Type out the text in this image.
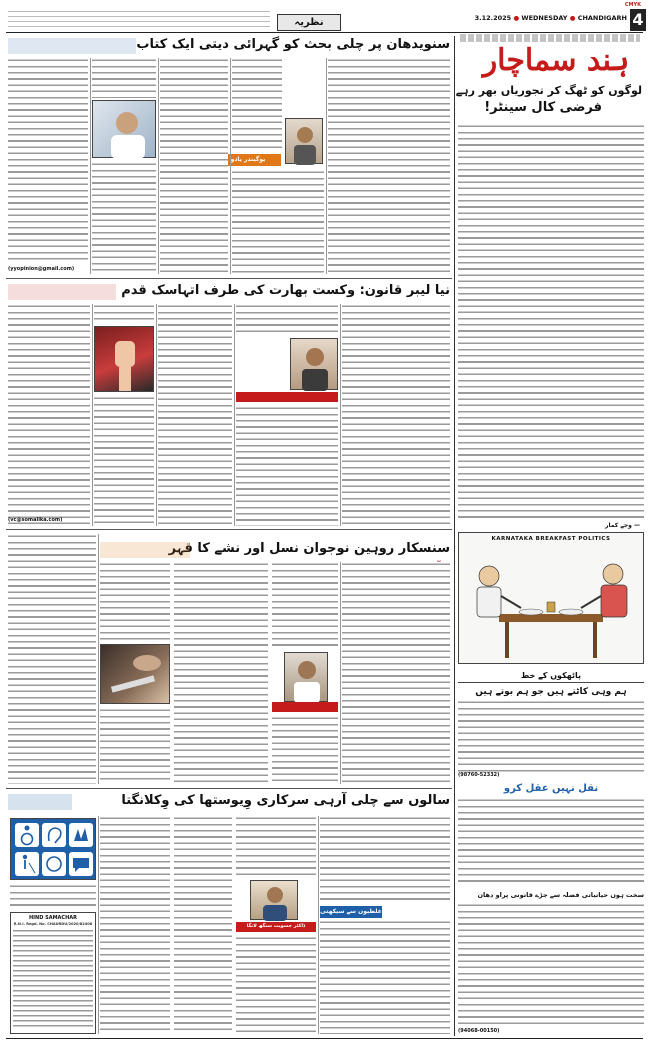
CMYK
4
3.12.2025 ● WEDNESDAY ● CHANDIGARH
نظریہ
ہند سماچار
لوگوں کو ٹھگ کر تجوریاں بھر رہے
فرضی کال سینٹر!
— وجے کمار
KARNATAKA BREAKFAST POLITICS
پاٹھکوں کے خط
ہم وہی کاٹتے ہیں جو ہم بوتے ہیں
(98760-52332)
نقل نہیں عقل کرو
سخت ہوں حیاتیاتی فضلہ سے جڑے قانونی پراو دھان
(94068-00150)
سنویدھان پر چلی بحث کو گہرائی دیتی ایک کتاب
یوگیندر یادو
(yyopinion@gmail.com)
نیا لیبر قانون: وکست بھارت کی طرف اتہاسک قدم
(vc@somalika.com)
سنسکار روہین نوجوان نسل اور نشے کا قہر
سالوں سے چلی آرہی سرکاری وِیوستھا کی وِکلانگتا
ڈاکٹر جسویت سنگھ لانگا
غلطیوں سے سیکھتی
HIND SAMACHAR
R.N.I. Regd. No. CHAURDU/2020/82408
